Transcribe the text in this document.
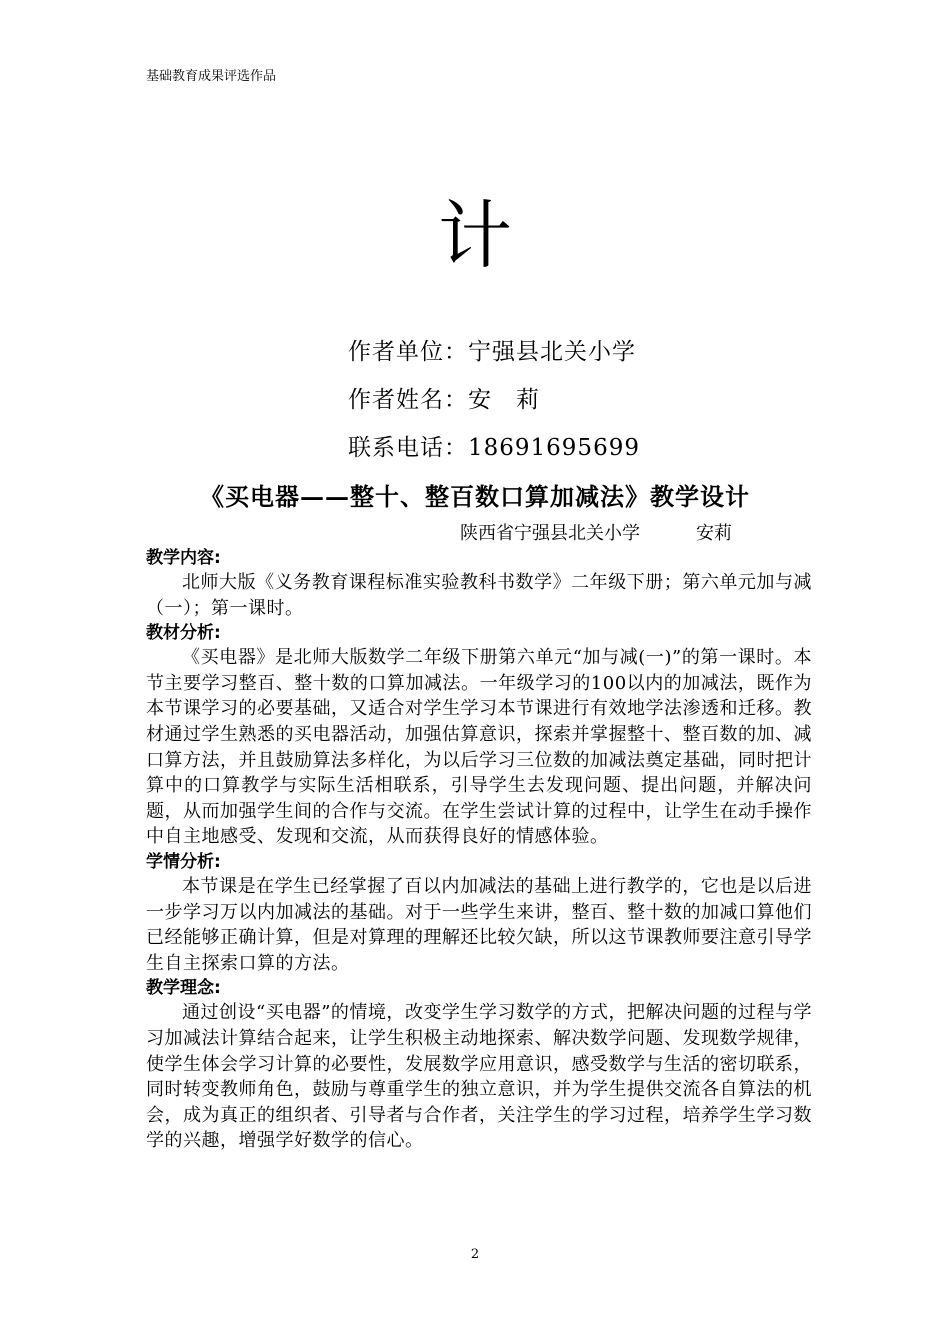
基础教育成果评选作品
计
作者单位：宁强县北关小学
作者姓名：安　莉
联系电话：18691695699
《买电器——整十、整百数口算加减法》教学设计
陕西省宁强县北关小学	安莉
教学内容:

北师大版《义务教育课程标准实验教科书数学》二年级下册；第六单元加与减（一）；第一课时。

教材分析:

《买电器》是北师大版数学二年级下册第六单元“加与减(一)”的第一课时。本节主要学习整百、整十数的口算加减法。一年级学习的100以内的加减法，既作为本节课学习的必要基础，又适合对学生学习本节课进行有效地学法渗透和迁移。教材通过学生熟悉的买电器活动，加强估算意识，探索并掌握整十、整百数的加、减口算方法，并且鼓励算法多样化，为以后学习三位数的加减法奠定基础，同时把计算中的口算教学与实际生活相联系，引导学生去发现问题、提出问题，并解决问题，从而加强学生间的合作与交流。在学生尝试计算的过程中，让学生在动手操作中自主地感受、发现和交流，从而获得良好的情感体验。

学情分析:

本节课是在学生已经掌握了百以内加减法的基础上进行教学的，它也是以后进一步学习万以内加减法的基础。对于一些学生来讲，整百、整十数的加减口算他们已经能够正确计算，但是对算理的理解还比较欠缺，所以这节课教师要注意引导学生自主探索口算的方法。

教学理念:

通过创设“买电器”的情境，改变学生学习数学的方式，把解决问题的过程与学习加减法计算结合起来，让学生积极主动地探索、解决数学问题、发现数学规律，使学生体会学习计算的必要性，发展数学应用意识，感受数学与生活的密切联系，同时转变教师角色，鼓励与尊重学生的独立意识，并为学生提供交流各自算法的机会，成为真正的组织者、引导者与合作者，关注学生的学习过程，培养学生学习数学的兴趣，增强学好数学的信心。

2
